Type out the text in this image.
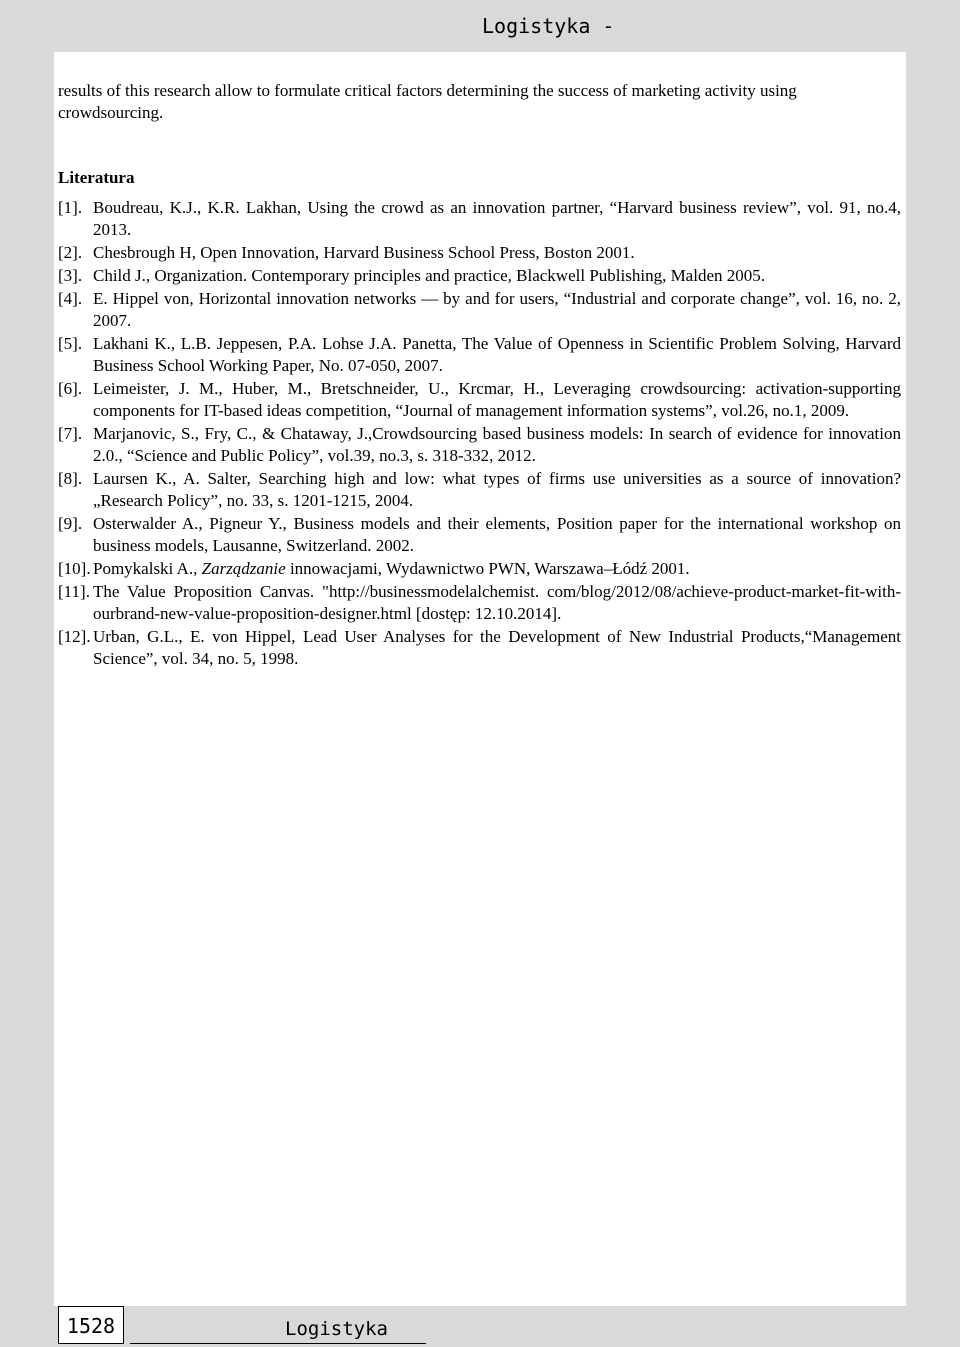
Logistyka -

results of this research allow to formulate critical factors determining the success of marketing activity using crowdsourcing.

Literatura

[1]. Boudreau, K.J., K.R. Lakhan, Using the crowd as an innovation partner, “Harvard business review”, vol. 91, no.4, 2013.
[2]. Chesbrough H, Open Innovation, Harvard Business School Press, Boston 2001.
[3]. Child J., Organization. Contemporary principles and practice, Blackwell Publishing, Malden 2005.
[4]. E. Hippel von, Horizontal innovation networks — by and for users, “Industrial and corporate change”, vol. 16, no. 2, 2007.
[5]. Lakhani K., L.B. Jeppesen, P.A. Lohse J.A. Panetta, The Value of Openness in Scientific Problem Solving, Harvard Business School Working Paper, No. 07-050, 2007.
[6]. Leimeister, J. M., Huber, M., Bretschneider, U., Krcmar, H., Leveraging crowdsourcing: activation-supporting components for IT-based ideas competition, “Journal of management information systems”, vol.26, no.1, 2009.
[7]. Marjanovic, S., Fry, C., & Chataway, J.,Crowdsourcing based business models: In search of evidence for innovation 2.0., “Science and Public Policy”, vol.39, no.3, s. 318-332, 2012.
[8]. Laursen K., A. Salter, Searching high and low: what types of firms use universities as a source of innovation? „Research Policy”, no. 33, s. 1201-1215, 2004.
[9]. Osterwalder A., Pigneur Y., Business models and their elements, Position paper for the international workshop on business models, Lausanne, Switzerland. 2002.
[10]. Pomykalski A., Zarządzanie innowacjami, Wydawnictwo PWN, Warszawa–Łódź 2001.
[11]. The Value Proposition Canvas. "http://businessmodelalchemist. com/blog/2012/08/achieve-product-market-fit-with-ourbrand-new-value-proposition-designer.html [dostęp: 12.10.2014].
[12]. Urban, G.L., E. von Hippel, Lead User Analyses for the Development of New Industrial Products,“Management Science”, vol. 34, no. 5, 1998.
1528	Logistyka
